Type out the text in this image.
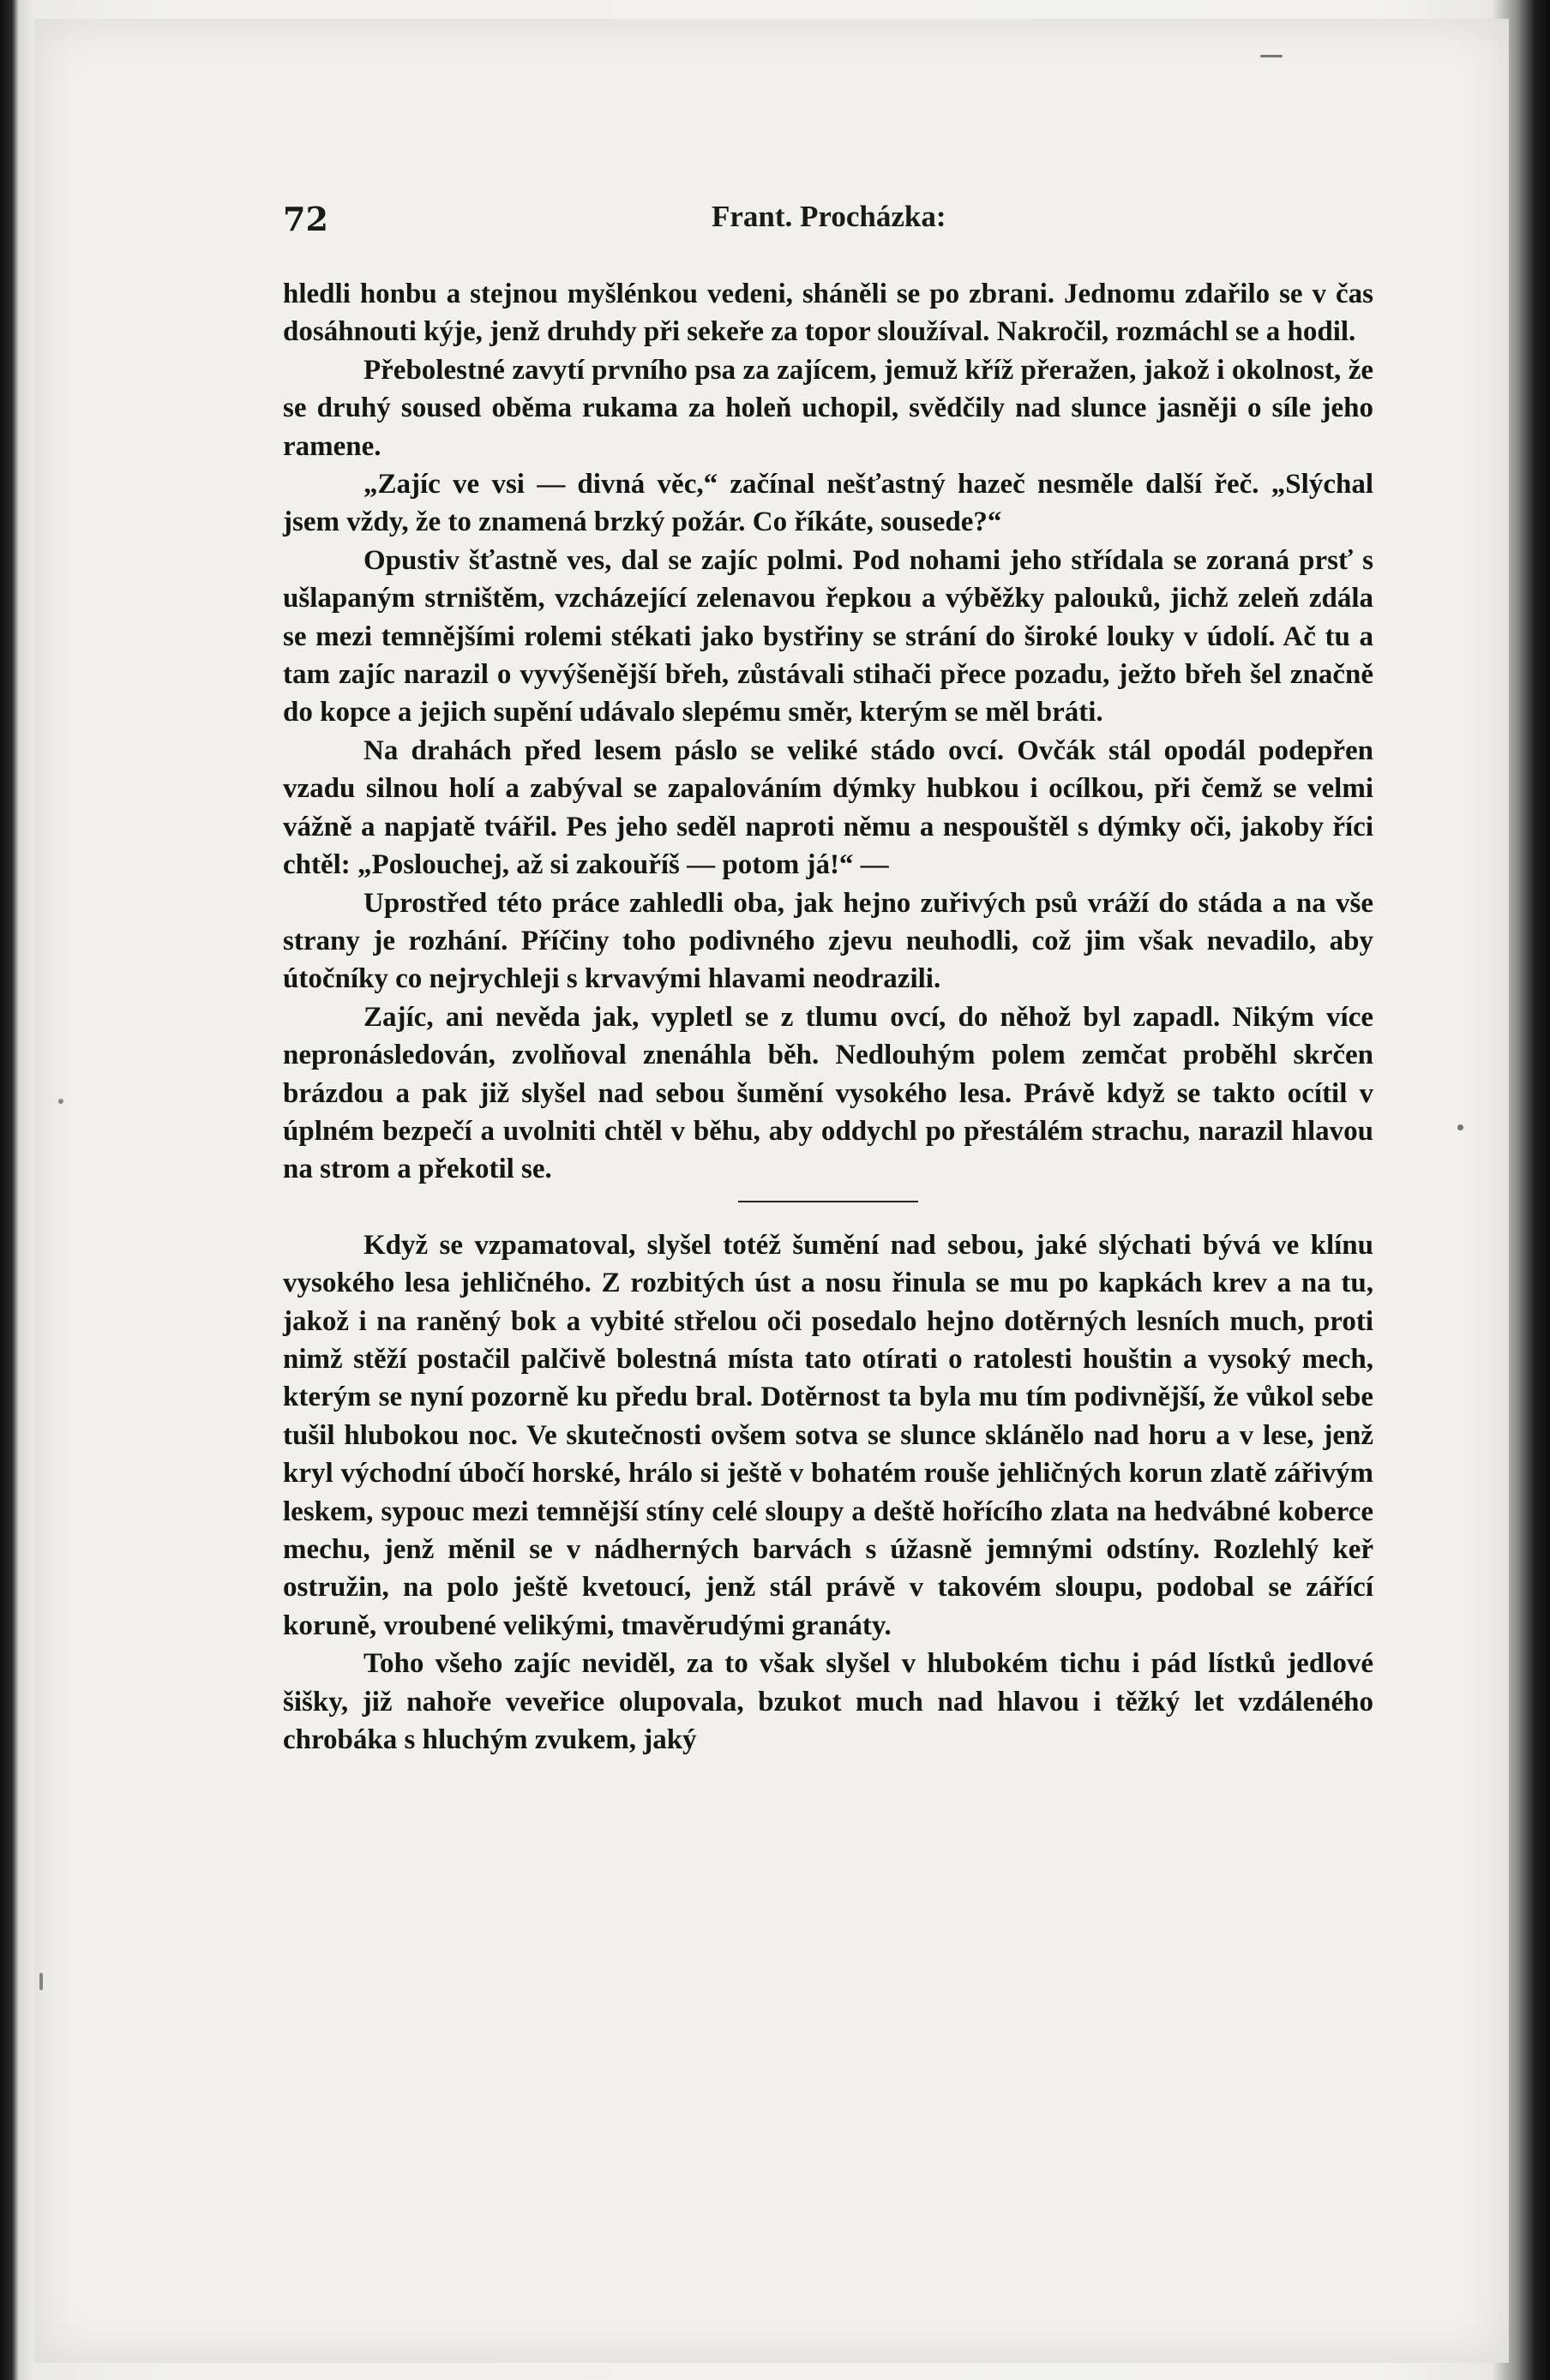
72	Frant. Procházka:

hledli honbu a stejnou myšlénkou vedeni, sháněli se po zbrani. Jednomu zdařilo se v čas dosáhnouti kýje, jenž druhdy při sekeře za topor sloužíval. Nakročil, rozmáchl se a hodil.

Přebolestné zavytí prvního psa za zajícem, jemuž kříž přeražen, jakož i okolnost, že se druhý soused oběma rukama za holeň uchopil, svědčily nad slunce jasněji o síle jeho ramene.

„Zajíc ve vsi — divná věc,“ začínal nešťastný hazeč nesměle další řeč. „Slýchal jsem vždy, že to znamená brzký požár. Co říkáte, sousede?“

Opustiv šťastně ves, dal se zajíc polmi. Pod nohami jeho střídala se zoraná prsť s ušlapaným strništěm, vzcházející zelenavou řepkou a výběžky palouků, jichž zeleň zdála se mezi temnějšími rolemi stékati jako bystřiny se strání do široké louky v údolí. Ač tu a tam zajíc narazil o vyvýšenější břeh, zůstávali stihači přece pozadu, ježto břeh šel značně do kopce a jejich supění udávalo slepému směr, kterým se měl bráti.

Na drahách před lesem páslo se veliké stádo ovcí. Ovčák stál opodál podepřen vzadu silnou holí a zabýval se zapalováním dýmky hubkou i ocílkou, při čemž se velmi vážně a napjatě tvářil. Pes jeho seděl naproti němu a nespouštěl s dýmky oči, jakoby říci chtěl: „Poslouchej, až si zakouříš — potom já!“ —

Uprostřed této práce zahledli oba, jak hejno zuřivých psů vráží do stáda a na vše strany je rozhání. Příčiny toho podivného zjevu neuhodli, což jim však nevadilo, aby útočníky co nejrychleji s krvavými hlavami neodrazili.

Zajíc, ani nevěda jak, vypletl se z tlumu ovcí, do něhož byl zapadl. Nikým více nepronásledován, zvolňoval znenáhla běh. Nedlouhým polem zemčat proběhl skrčen brázdou a pak již slyšel nad sebou šumění vysokého lesa. Právě když se takto ocítil v úplném bezpečí a uvolniti chtěl v běhu, aby oddychl po přestálém strachu, narazil hlavou na strom a překotil se.

Když se vzpamatoval, slyšel totéž šumění nad sebou, jaké slýchati bývá ve klínu vysokého lesa jehličného. Z rozbitých úst a nosu řinula se mu po kapkách krev a na tu, jakož i na raněný bok a vybité střelou oči posedalo hejno dotěrných lesních much, proti nimž stěží postačil palčivě bolestná místa tato otírati o ratolesti houštin a vysoký mech, kterým se nyní pozorně ku předu bral. Dotěrnost ta byla mu tím podivnější, že vůkol sebe tušil hlubokou noc. Ve skutečnosti ovšem sotva se slunce sklánělo nad horu a v lese, jenž kryl východní úbočí horské, hrálo si ještě v bohatém rouše jehličných korun zlatě zářivým leskem, sypouc mezi temnější stíny celé sloupy a deště hořícího zlata na hedvábné koberce mechu, jenž měnil se v nádherných barvách s úžasně jemnými odstíny. Rozlehlý keř ostružin, na polo ještě kvetoucí, jenž stál právě v takovém sloupu, podobal se zářící koruně, vroubené velikými, tmavěrudými granáty.

Toho všeho zajíc neviděl, za to však slyšel v hlubokém tichu i pád lístků jedlové šišky, již nahoře veveřice olupovala, bzukot much nad hlavou i těžký let vzdáleného chrobáka s hluchým zvukem, jaký
